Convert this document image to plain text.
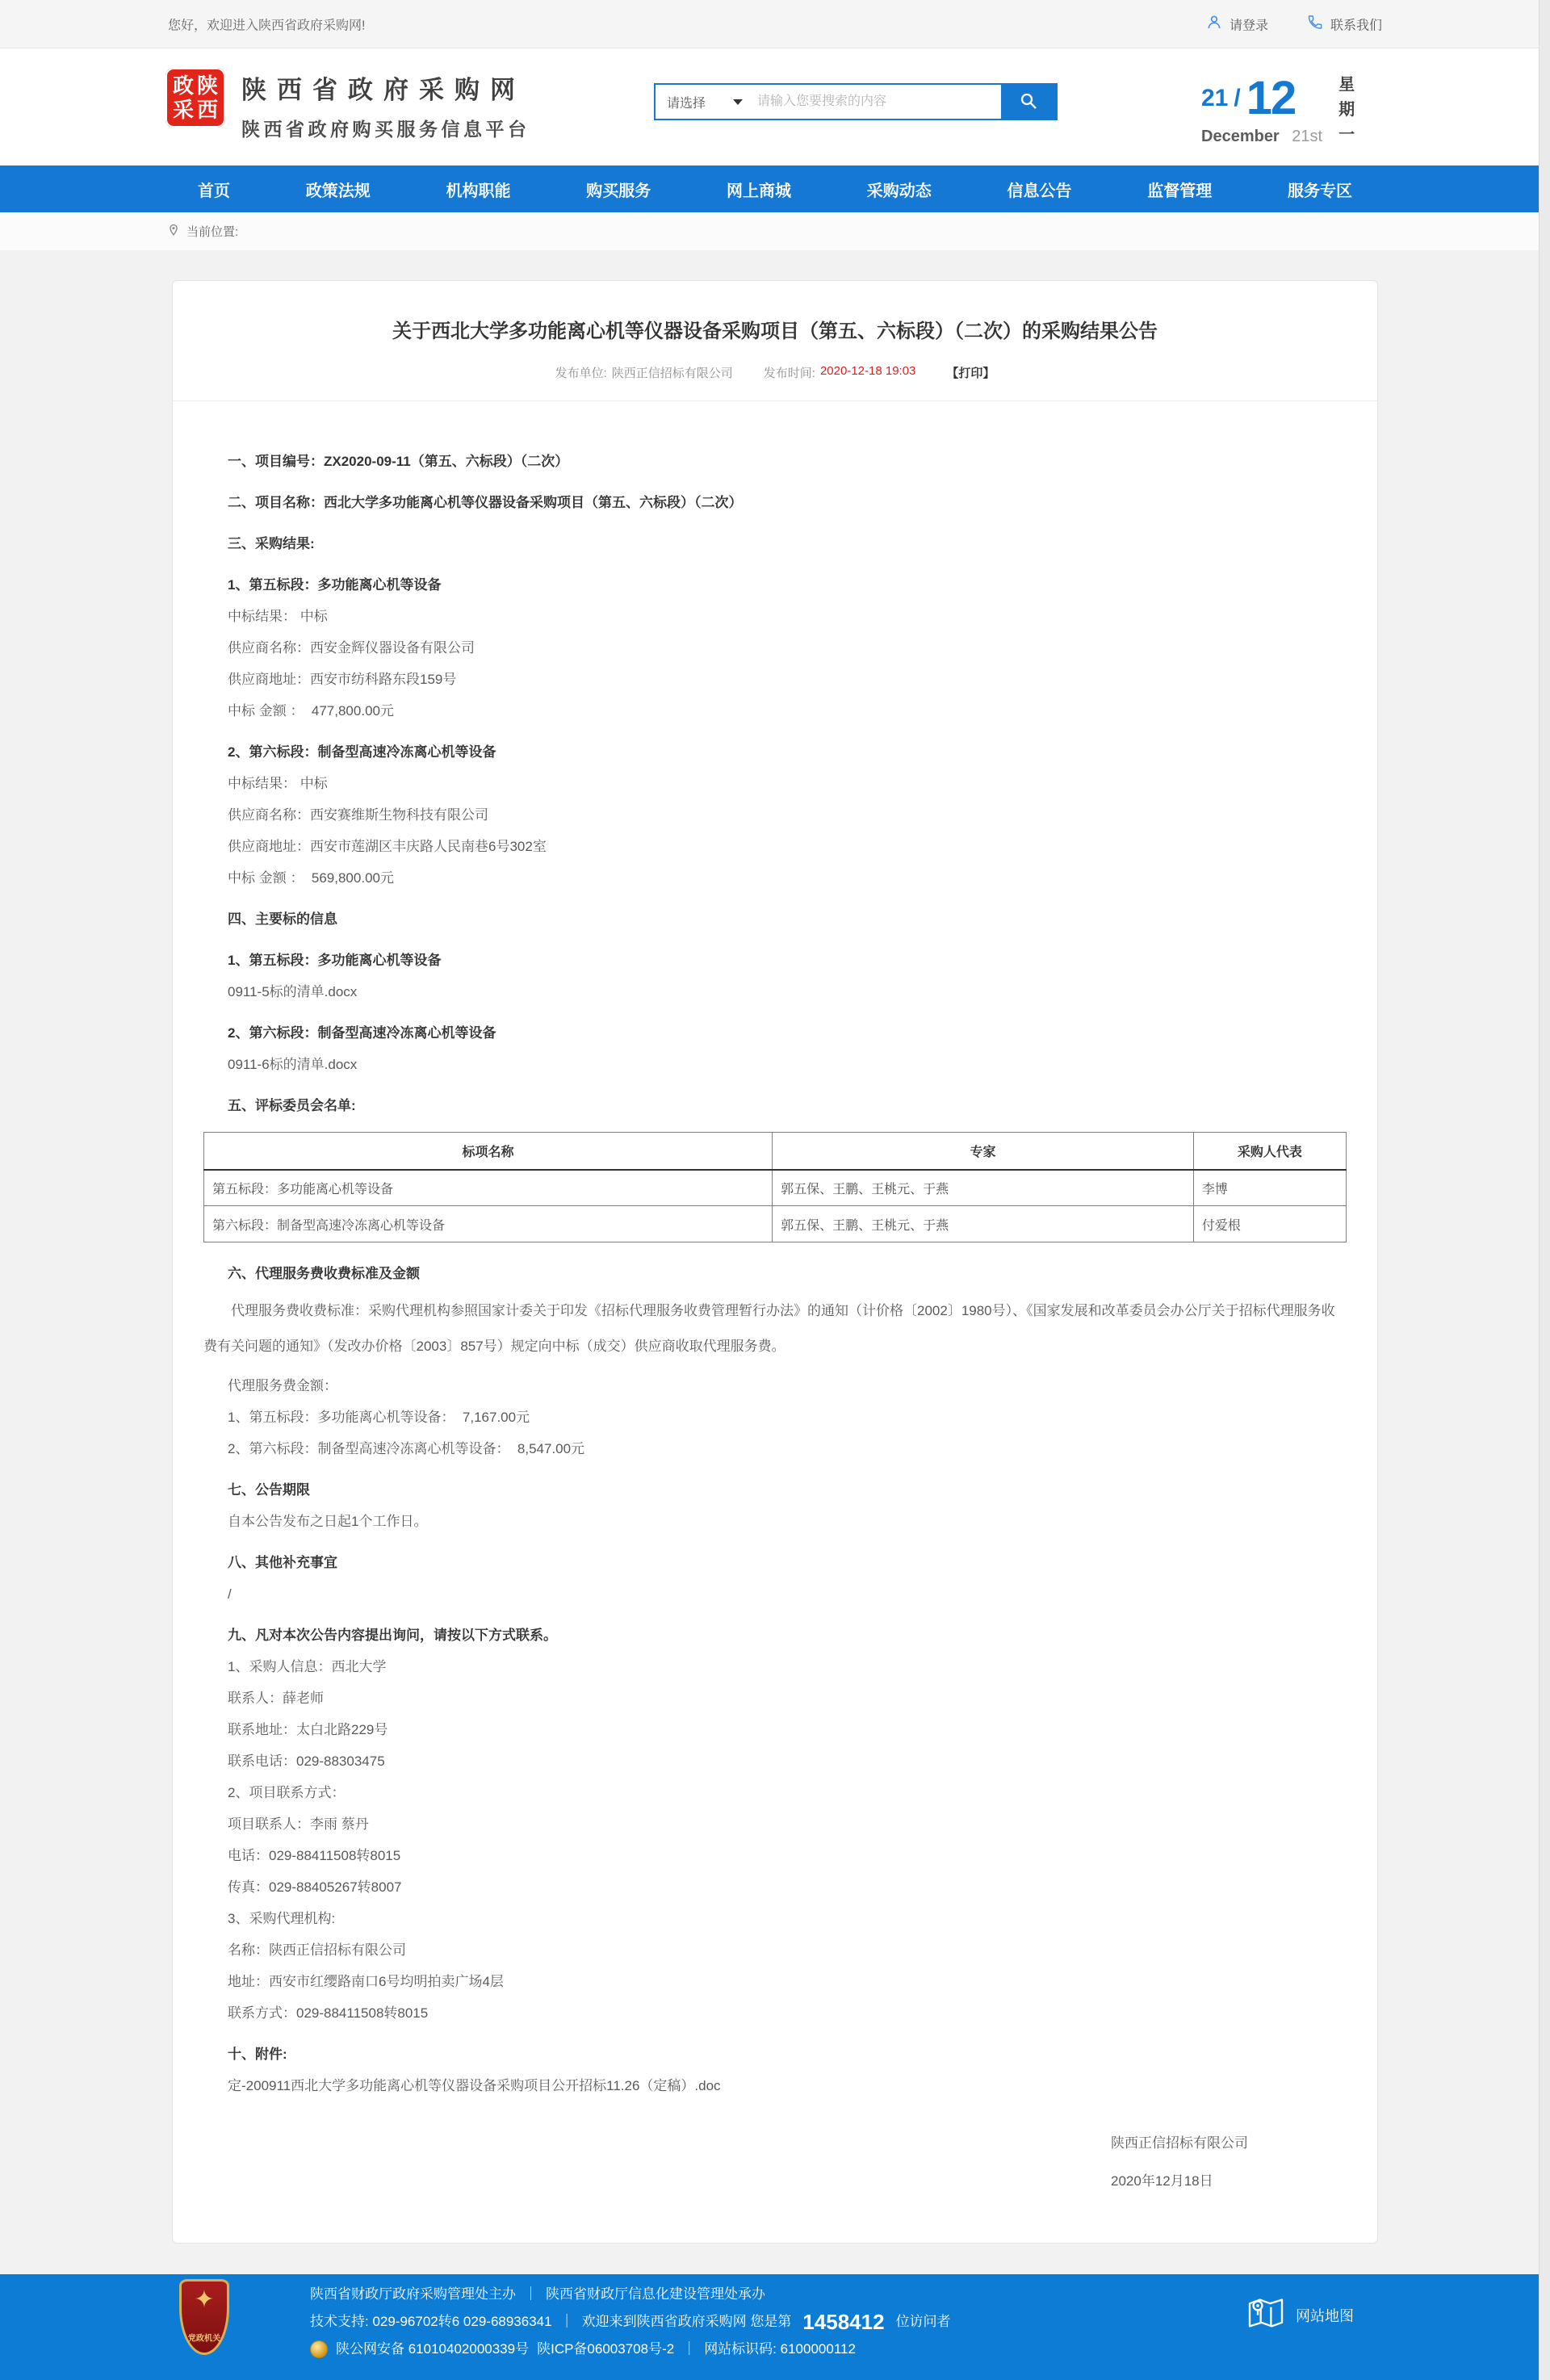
您好，欢迎进入陕西省政府采购网!	请登录	联系我们
政 陕
采 西
陕西省政府采购网
陕西省政府购买服务信息平台
请选择
请输入您要搜索的内容	21 / 12
December 21st
星
期
一
首页	政策法规	机构职能	购买服务	网上商城	采购动态	信息公告	监督管理	服务专区
当前位置:
关于西北大学多功能离心机等仪器设备采购项目（第五、六标段）（二次）的采购结果公告
发布单位: 陕西正信招标有限公司	发布时间: 2020-12-18 19:03	【打印】
一、项目编号：ZX2020-09-11（第五、六标段）（二次）
二、项目名称：西北大学多功能离心机等仪器设备采购项目（第五、六标段）（二次）
三、采购结果:
1、第五标段：多功能离心机等设备
中标结果： 中标
供应商名称：西安金辉仪器设备有限公司
供应商地址：西安市纺科路东段159号
中标 金额 ：  477,800.00元
2、第六标段：制备型高速冷冻离心机等设备
中标结果： 中标
供应商名称：西安赛维斯生物科技有限公司
供应商地址：西安市莲湖区丰庆路人民南巷6号302室
中标 金额 ：  569,800.00元
四、主要标的信息
1、第五标段：多功能离心机等设备
0911-5标的清单.docx
2、第六标段：制备型高速冷冻离心机等设备
0911-6标的清单.docx
五、评标委员会名单:
标项名称	专家	采购人代表
第五标段：多功能离心机等设备	郭五保、王鹏、王桃元、于燕	李博
第六标段：制备型高速冷冻离心机等设备	郭五保、王鹏、王桃元、于燕	付爱根
六、代理服务费收费标准及金额
代理服务费收费标准：采购代理机构参照国家计委关于印发《招标代理服务收费管理暂行办法》的通知（计价格〔2002〕1980号）、《国家发展和改革委员会办公厅关于招标代理服务收费有关问题的通知》（发改办价格〔2003〕857号）规定向中标（成交）供应商收取代理服务费。
代理服务费金额：
1、第五标段：多功能离心机等设备：  7,167.00元
2、第六标段：制备型高速冷冻离心机等设备：  8,547.00元
七、公告期限
自本公告发布之日起1个工作日。
八、其他补充事宜
/
九、凡对本次公告内容提出询问，请按以下方式联系。
1、采购人信息：西北大学
联系人：薛老师
联系地址：太白北路229号
联系电话：029-88303475
2、项目联系方式：
项目联系人：李雨 蔡丹
电话：029-88411508转8015
传真：029-88405267转8007
3、采购代理机构:
名称：陕西正信招标有限公司
地址：西安市红缨路南口6号均明拍卖广场4层
联系方式：029-88411508转8015
十、附件:
定-200911西北大学多功能离心机等仪器设备采购项目公开招标11.26（定稿）.doc
陕西正信招标有限公司
2020年12月18日
✦
党政机关
陕西省财政厅政府采购管理处主办 ｜ 陕西省财政厅信息化建设管理处承办
技术支持: 029-96702转6 029-68936341 ｜ 欢迎来到陕西省政府采购网 您是第 1458412 位访问者
陕公网安备 61010402000339号 陕ICP备06003708号-2 ｜ 网站标识码: 6100000112
网站地图
